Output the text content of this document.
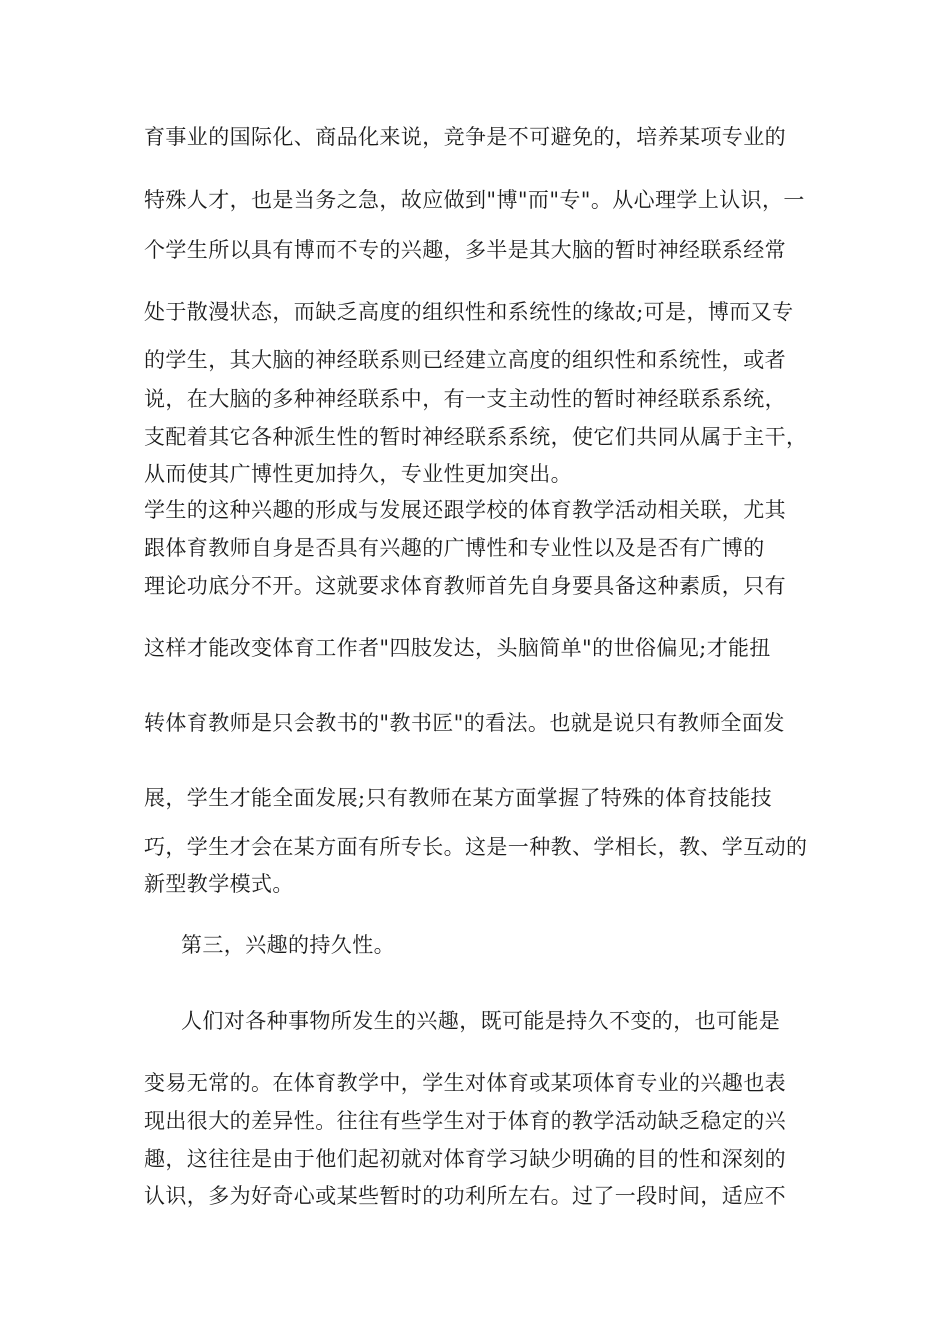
育事业的国际化、商品化来说，竞争是不可避免的，培养某项专业的
特殊人才，也是当务之急，故应做到"博"而"专"。从心理学上认识，一
个学生所以具有博而不专的兴趣，多半是其大脑的暂时神经联系经常
处于散漫状态，而缺乏高度的组织性和系统性的缘故;可是，博而又专
的学生，其大脑的神经联系则已经建立高度的组织性和系统性，或者
说，在大脑的多种神经联系中，有一支主动性的暂时神经联系系统，
支配着其它各种派生性的暂时神经联系系统，使它们共同从属于主干，
从而使其广博性更加持久，专业性更加突出。
学生的这种兴趣的形成与发展还跟学校的体育教学活动相关联，尤其
跟体育教师自身是否具有兴趣的广博性和专业性以及是否有广博的
理论功底分不开。这就要求体育教师首先自身要具备这种素质，只有
这样才能改变体育工作者"四肢发达，头脑简单"的世俗偏见;才能扭
转体育教师是只会教书的"教书匠"的看法。也就是说只有教师全面发
展，学生才能全面发展;只有教师在某方面掌握了特殊的体育技能技
巧，学生才会在某方面有所专长。这是一种教、学相长，教、学互动的
新型教学模式。
第三，兴趣的持久性。
人们对各种事物所发生的兴趣，既可能是持久不变的，也可能是
变易无常的。在体育教学中，学生对体育或某项体育专业的兴趣也表
现出很大的差异性。往往有些学生对于体育的教学活动缺乏稳定的兴
趣，这往往是由于他们起初就对体育学习缺少明确的目的性和深刻的
认识，多为好奇心或某些暂时的功利所左右。过了一段时间，适应不
